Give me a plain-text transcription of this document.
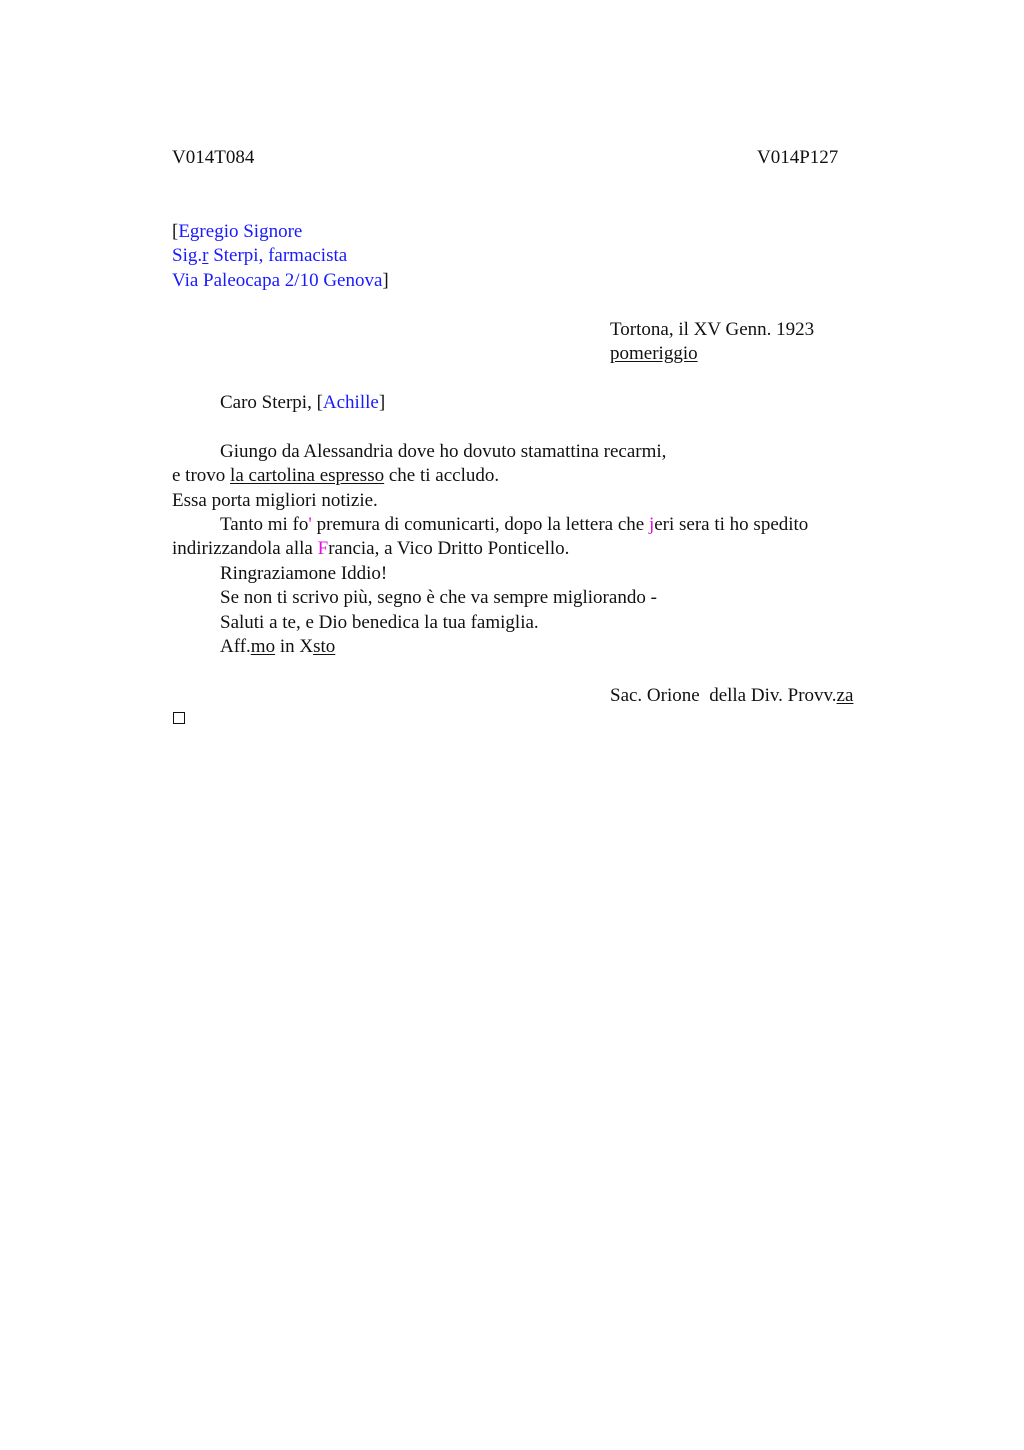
V014T084	V014P127
[Egregio Signore
Sig.r Sterpi, farmacista
Via Paleocapa 2/10 Genova]
Tortona, il XV Genn. 1923
pomeriggio
Caro Sterpi, [Achille]
Giungo da Alessandria dove ho dovuto stamattina recarmi,
e trovo la cartolina espresso che ti accludo.
Essa porta migliori notizie.
Tanto mi fo' premura di comunicarti, dopo la lettera che jeri sera ti ho spedito
indirizzandola alla Francia, a Vico Dritto Ponticello.
Ringraziamone Iddio!
Se non ti scrivo più, segno è che va sempre migliorando -
Saluti a te, e Dio benedica la tua famiglia.
Aff.mo in Xsto
Sac. Orione  della Div. Provv.za
